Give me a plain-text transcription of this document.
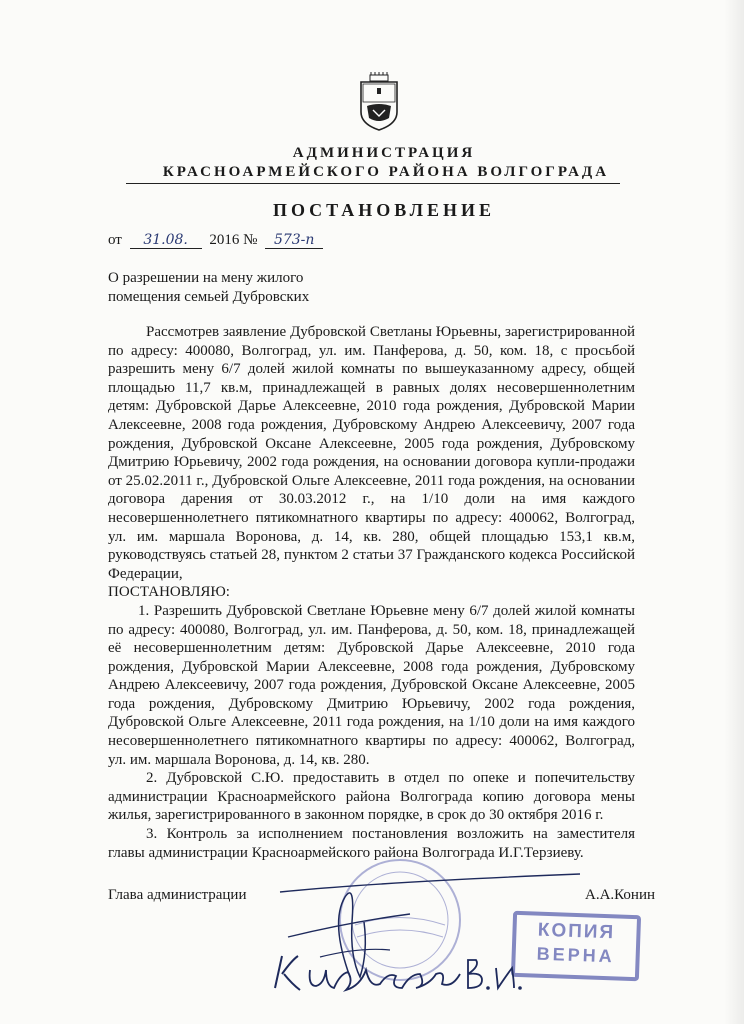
АДМИНИСТРАЦИЯ
КРАСНОАРМЕЙСКОГО РАЙОНА ВОЛГОГРАДА
ПОСТАНОВЛЕНИЕ
от 31.08. 2016 № 573-п
О разрешении на мену жилого
помещения семьей Дубровских

Рассмотрев заявление Дубровской Светланы Юрьевны, зарегистрированной по адресу: 400080, Волгоград, ул. им. Панферова, д. 50, ком. 18, с просьбой разрешить мену 6/7 долей жилой комнаты по вышеуказанному адресу, общей площадью 11,7 кв.м, принадлежащей в равных долях несовершеннолетним детям: Дубровской Дарье Алексеевне, 2010 года рождения, Дубровской Марии Алексеевне, 2008 года рождения, Дубровскому Андрею Алексеевичу, 2007 года рождения, Дубровской Оксане Алексеевне, 2005 года рождения, Дубровскому Дмитрию Юрьевичу, 2002 года рождения, на основании договора купли-продажи от 25.02.2011 г., Дубровской Ольге Алексеевне, 2011 года рождения, на основании договора дарения от 30.03.2012 г., на 1/10 доли на имя каждого несовершеннолетнего пятикомнатного квартиры по адресу: 400062, Волгоград, ул. им. маршала Воронова, д. 14, кв. 280, общей площадью 153,1 кв.м, руководствуясь статьей 28, пунктом 2 статьи 37 Гражданского кодекса Российской Федерации,

ПОСТАНОВЛЯЮ:

1. Разрешить Дубровской Светлане Юрьевне мену 6/7 долей жилой комнаты по адресу: 400080, Волгоград, ул. им. Панферова, д. 50, ком. 18, принадлежащей её несовершеннолетним детям: Дубровской Дарье Алексеевне, 2010 года рождения, Дубровской Марии Алексеевне, 2008 года рождения, Дубровскому Андрею Алексеевичу, 2007 года рождения, Дубровской Оксане Алексеевне, 2005 года рождения, Дубровскому Дмитрию Юрьевичу, 2002 года рождения, Дубровской Ольге Алексеевне, 2011 года рождения, на 1/10 доли на имя каждого несовершеннолетнего пятикомнатного квартиры по адресу: 400062, Волгоград, ул. им. маршала Воронова, д. 14, кв. 280.

2. Дубровской С.Ю. предоставить в отдел по опеке и попечительству администрации Красноармейского района Волгограда копию договора мены жилья, зарегистрированного в законном порядке, в срок до 30 октября 2016 г.

3. Контроль за исполнением постановления возложить на заместителя главы администрации Красноармейского района Волгограда И.Г.Терзиеву.

Глава администрации	А.А.Конин
КОПИЯ
ВЕРНА
